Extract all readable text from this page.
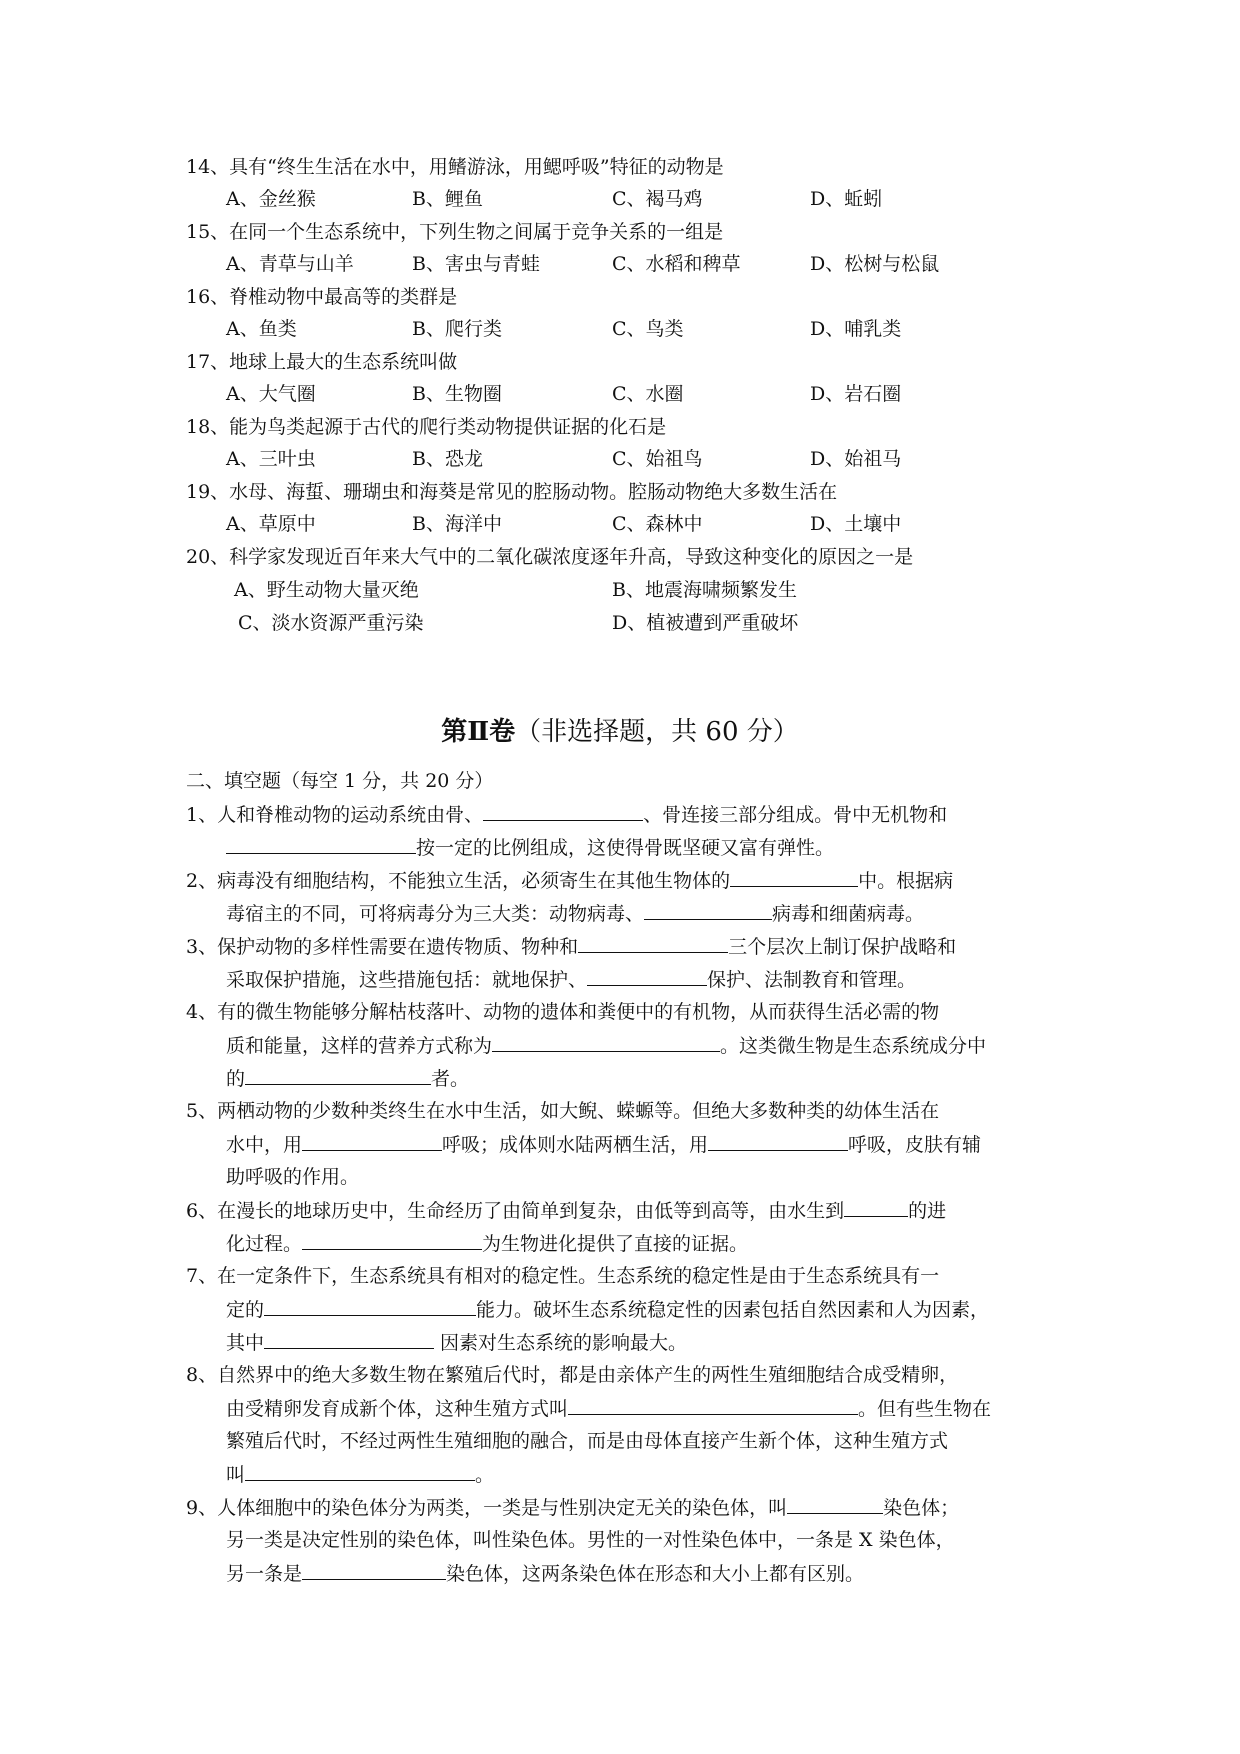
14、具有“终生生活在水中，用鳍游泳，用鳃呼吸”特征的动物是
A、金丝猴	B、鲤鱼	C、褐马鸡	D、蚯蚓
15、在同一个生态系统中，下列生物之间属于竞争关系的一组是
A、青草与山羊	B、害虫与青蛙	C、水稻和稗草	D、松树与松鼠
16、脊椎动物中最高等的类群是
A、鱼类	B、爬行类	C、鸟类	D、哺乳类
17、地球上最大的生态系统叫做
A、大气圈	B、生物圈	C、水圈	D、岩石圈
18、能为鸟类起源于古代的爬行类动物提供证据的化石是
A、三叶虫	B、恐龙	C、始祖鸟	D、始祖马
19、水母、海蜇、珊瑚虫和海葵是常见的腔肠动物。腔肠动物绝大多数生活在
A、草原中	B、海洋中	C、森林中	D、土壤中
20、科学家发现近百年来大气中的二氧化碳浓度逐年升高，导致这种变化的原因之一是
A、野生动物大量灭绝	B、地震海啸频繁发生
C、淡水资源严重污染	D、植被遭到严重破坏
第Ⅱ卷（非选择题，共 60 分）
二、填空题（每空 1 分，共 20 分）
1、人和脊椎动物的运动系统由骨、	、骨连接三部分组成。骨中无机物和
按一定的比例组成，这使得骨既坚硬又富有弹性。
2、病毒没有细胞结构，不能独立生活，必须寄生在其他生物体的	中。根据病
毒宿主的不同，可将病毒分为三大类：动物病毒、	病毒和细菌病毒。
3、保护动物的多样性需要在遗传物质、物种和	三个层次上制订保护战略和
采取保护措施，这些措施包括：就地保护、	保护、法制教育和管理。
4、有的微生物能够分解枯枝落叶、动物的遗体和粪便中的有机物，从而获得生活必需的物
质和能量，这样的营养方式称为	。这类微生物是生态系统成分中
的	者。
5、两栖动物的少数种类终生在水中生活，如大鲵、蝾螈等。但绝大多数种类的幼体生活在
水中，用	呼吸；成体则水陆两栖生活，用	呼吸，皮肤有辅
助呼吸的作用。
6、在漫长的地球历史中，生命经历了由简单到复杂，由低等到高等，由水生到	的进
化过程。	为生物进化提供了直接的证据。
7、在一定条件下，生态系统具有相对的稳定性。生态系统的稳定性是由于生态系统具有一
定的	能力。破坏生态系统稳定性的因素包括自然因素和人为因素，
其中	因素对生态系统的影响最大。
8、自然界中的绝大多数生物在繁殖后代时，都是由亲体产生的两性生殖细胞结合成受精卵，
由受精卵发育成新个体，这种生殖方式叫	。但有些生物在
繁殖后代时，不经过两性生殖细胞的融合，而是由母体直接产生新个体，这种生殖方式
叫	。
9、人体细胞中的染色体分为两类，一类是与性别决定无关的染色体，叫	染色体；
另一类是决定性别的染色体，叫性染色体。男性的一对性染色体中，一条是 X 染色体，
另一条是	染色体，这两条染色体在形态和大小上都有区别。
